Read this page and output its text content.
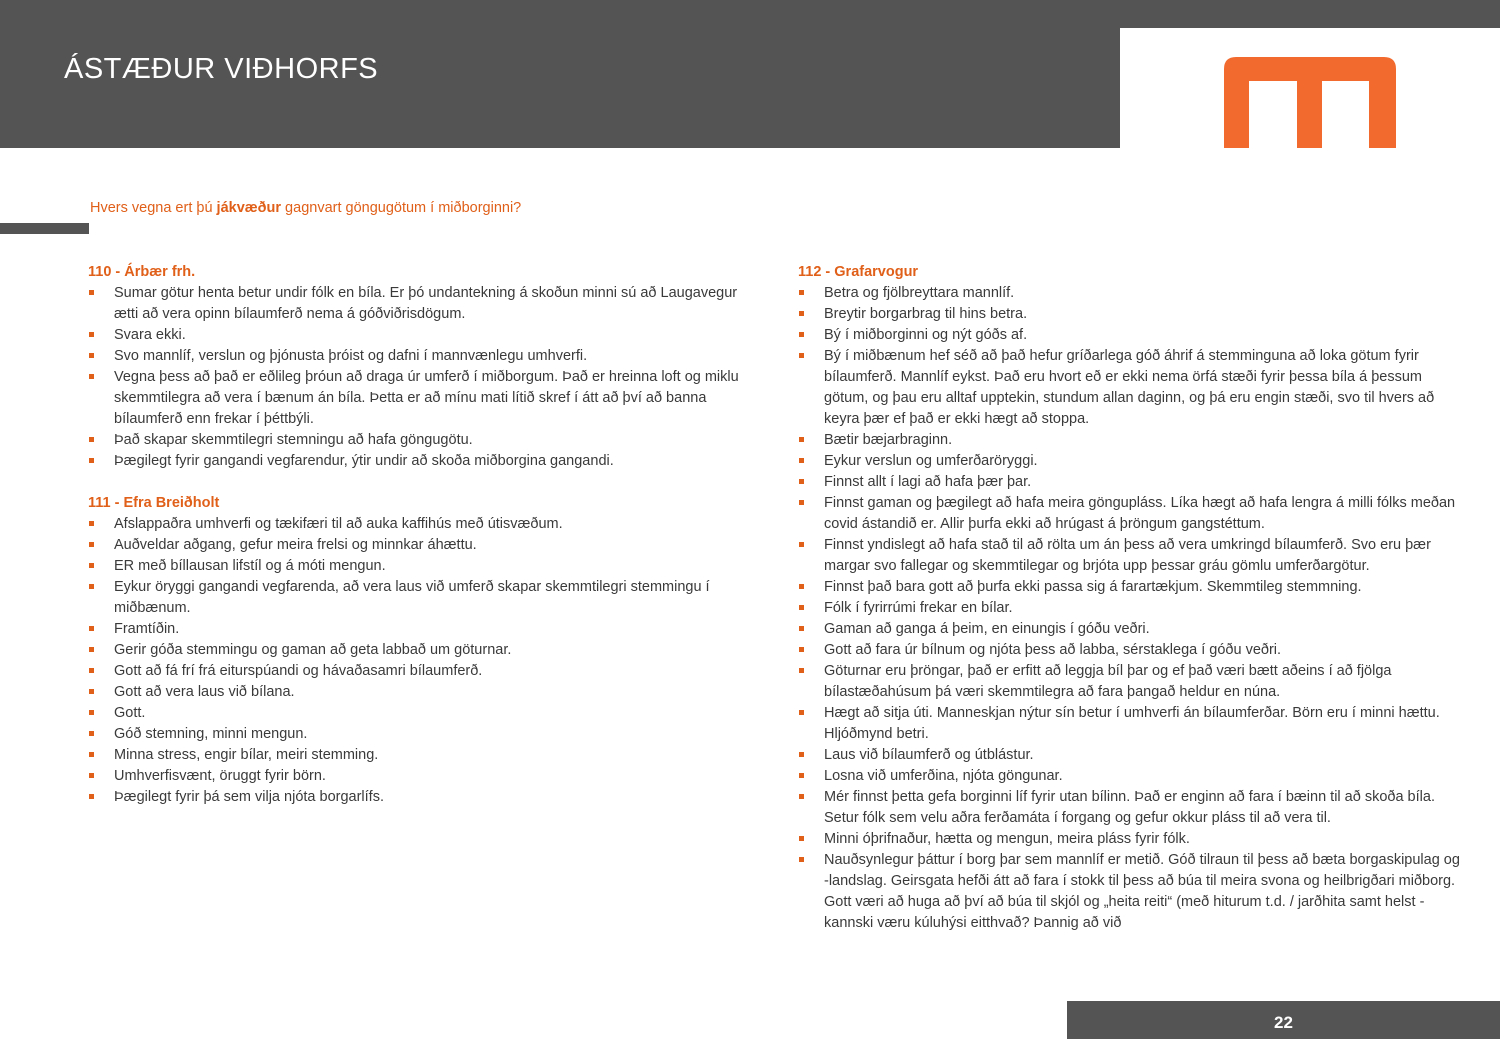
ÁSTÆÐUR VIÐHORFS
Hvers vegna ert þú jákvæður gagnvart göngugötum í miðborginni?
110 - Árbær frh.
Sumar götur henta betur undir fólk en bíla. Er þó undantekning á skoðun minni sú að Laugavegur ætti að vera opinn bílaumferð nema á góðviðrisdögum.
Svara ekki.
Svo mannlíf, verslun og þjónusta þróist og dafni í mannvænlegu umhverfi.
Vegna þess að það er eðlileg þróun að draga úr umferð í miðborgum. Það er hreinna loft og miklu skemmtilegra að vera í bænum án bíla. Þetta er að mínu mati lítið skref í átt að því að banna bílaumferð enn frekar í þéttbýli.
Það skapar skemmtilegri stemningu að hafa göngugötu.
Þægilegt fyrir gangandi vegfarendur, ýtir undir að skoða miðborgina gangandi.
111 - Efra Breiðholt
Afslappaðra umhverfi og tækifæri til að auka kaffihús með útisvæðum.
Auðveldar aðgang, gefur meira frelsi og minnkar áhættu.
ER með bíllausan lifstíl og á móti mengun.
Eykur öryggi gangandi vegfarenda, að vera laus við umferð skapar skemmtilegri stemmingu í miðbænum.
Framtíðin.
Gerir góða stemmingu og gaman að geta labbað um göturnar.
Gott að fá frí frá eiturspúandi og hávaðasamri bílaumferð.
Gott að vera laus við bílana.
Gott.
Góð stemning, minni mengun.
Minna stress, engir bílar, meiri stemming.
Umhverfisvænt, öruggt fyrir börn.
Þægilegt fyrir þá sem vilja njóta borgarlífs.
112 - Grafarvogur
Betra og fjölbreyttara mannlíf.
Breytir borgarbrag til hins betra.
Bý í miðborginni og nýt góðs af.
Bý í miðbænum hef séð að það hefur gríðarlega góð áhrif á stemminguna að loka götum fyrir bílaumferð. Mannlíf eykst. Það eru hvort eð er ekki nema örfá stæði fyrir þessa bíla á þessum götum, og þau eru alltaf upptekin, stundum allan daginn, og þá eru engin stæði, svo til hvers að keyra þær ef það er ekki hægt að stoppa.
Bætir bæjarbraginn.
Eykur verslun og umferðaröryggi.
Finnst allt í lagi að hafa þær þar.
Finnst gaman og þægilegt að hafa meira göngupláss. Líka hægt að hafa lengra á milli fólks meðan covid ástandið er. Allir þurfa ekki að hrúgast á þröngum gangstéttum.
Finnst yndislegt að hafa stað til að rölta um án þess að vera umkringd bílaumferð. Svo eru þær margar svo fallegar og skemmtilegar og brjóta upp þessar gráu gömlu umferðargötur.
Finnst það bara gott að þurfa ekki passa sig á farartækjum. Skemmtileg stemmning.
Fólk í fyrirrúmi frekar en bílar.
Gaman að ganga á þeim, en einungis í góðu veðri.
Gott að fara úr bílnum og njóta þess að labba, sérstaklega í góðu veðri.
Göturnar eru þröngar, það er erfitt að leggja bíl þar og ef það væri bætt aðeins í að fjölga bílastæðahúsum þá væri skemmtilegra að fara þangað heldur en núna.
Hægt að sitja úti. Manneskjan nýtur sín betur í umhverfi án bílaumferðar. Börn eru í minni hættu. Hljóðmynd betri.
Laus við bílaumferð og útblástur.
Losna við umferðina, njóta göngunar.
Mér finnst þetta gefa borginni líf fyrir utan bílinn. Það er enginn að fara í bæinn til að skoða bíla. Setur fólk sem velu aðra ferðamáta í forgang og gefur okkur pláss til að vera til.
Minni óþrifnaður, hætta og mengun, meira pláss fyrir fólk.
Nauðsynlegur þáttur í borg þar sem mannlíf er metið. Góð tilraun til þess að bæta borgaskipulag og -landslag. Geirsgata hefði átt að fara í stokk til þess að búa til meira svona og heilbrigðari miðborg. Gott væri að huga að því að búa til skjól og „heita reiti“ (með hiturum t.d. / jarðhita samt helst - kannski væru kúluhýsi eitthvað? Þannig að við
22
